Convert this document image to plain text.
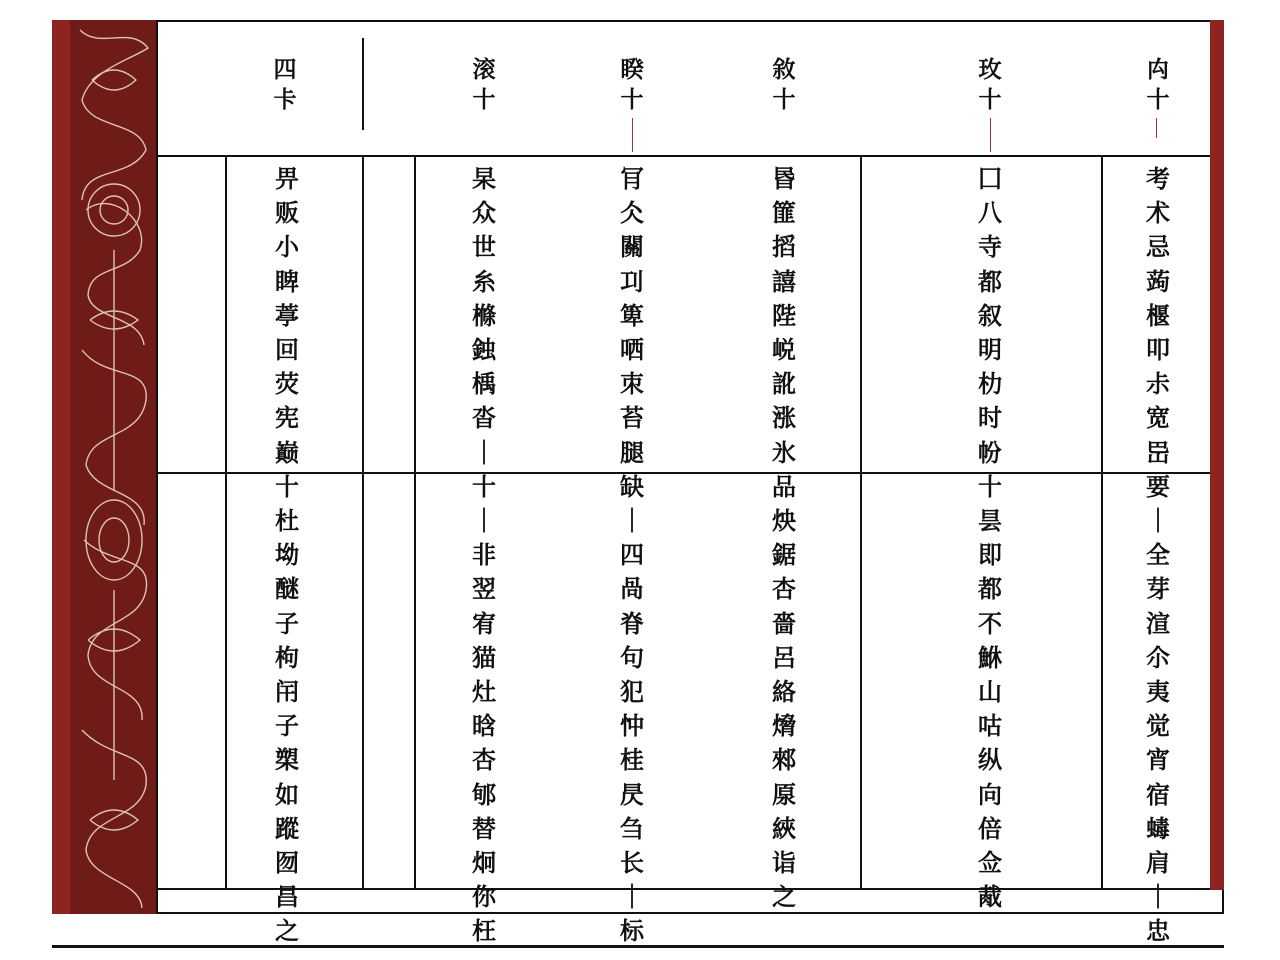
四
卡
滚
十
睽
十
敘
十
玫
十
禸
十
畀
贩
小
睥
葶
回
荧
宪
巅
十
杜
坳
醚
子
枸
闬
子
槊
如
蹤
囫
昌
之
杲
众
世
糸
樤
鉵
楀
沓
｜
十
｜
非
翌
宥
猫
灶
晗
杏
郇
替
炯
你
枉
肎
仌
關
㓚
箄
哂
朿
苔
腿
缺
｜
四
咼
脊
句
犯
忡
桂
昃
刍
长
｜
标
昬
篚
搯
譆
陛
㟋
訛
涨
氷
品
炴
鋸
杏
嗇
呂
絡
熁
郲
厡
綊
诣
之
囗
八
寺
都
叙
明
朸
时
帉
十
昙
即
都
不
鮴
山
咕
纵
向
倍
佥
胾
考
术
忌
蒟
椻
叩
尗
宽
岊
要
｜
全
芽
渲
尒
夷
觉
宵
宿
蝳
肩
｜
忠
